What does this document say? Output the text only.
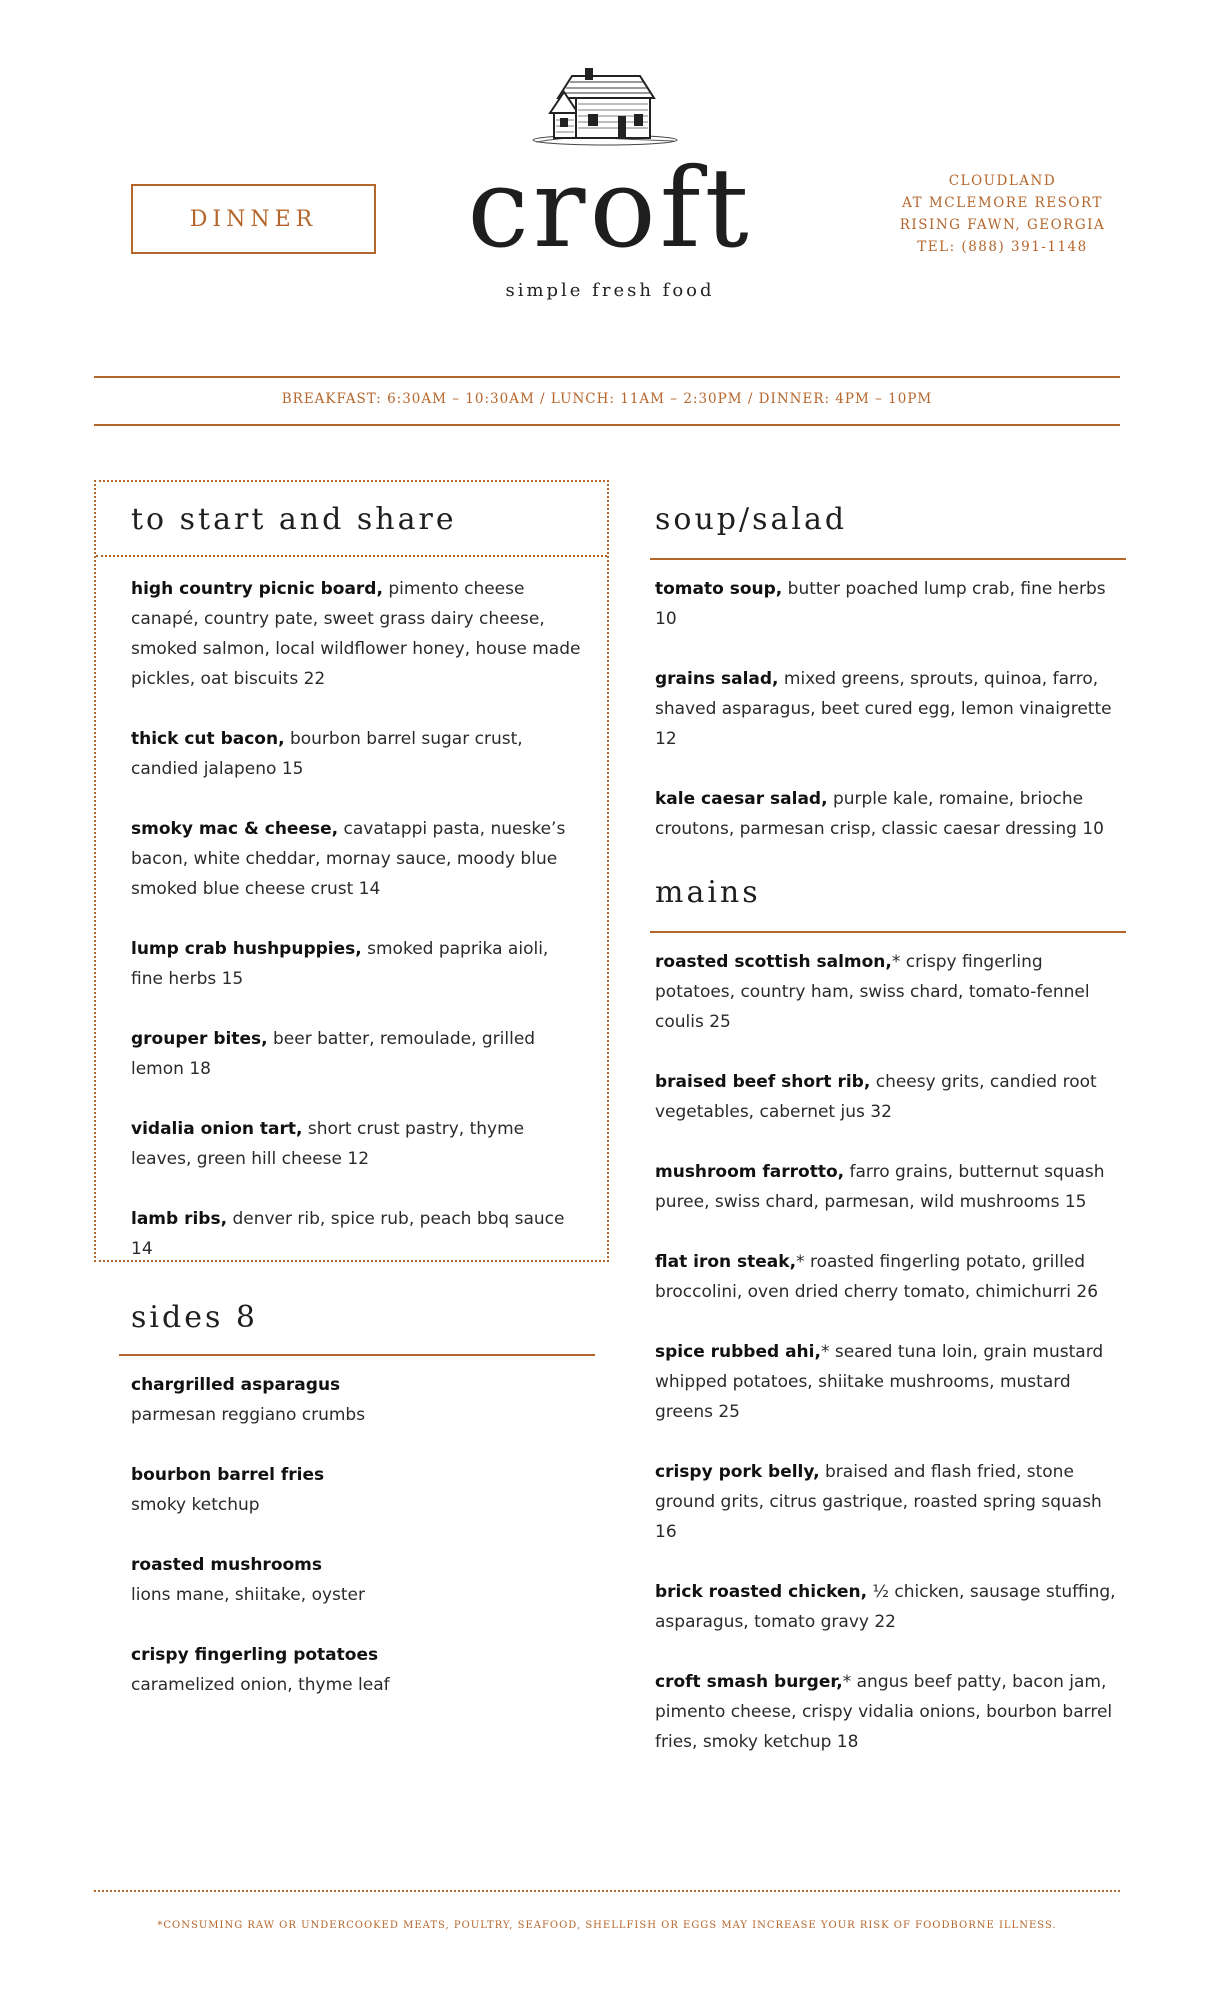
DINNER	croft
simple fresh food
CLOUDLAND
AT MCLEMORE RESORT
RISING FAWN, GEORGIA
TEL: (888) 391-1148
BREAKFAST: 6:30AM – 10:30AM / LUNCH: 11AM – 2:30PM / DINNER: 4PM – 10PM
to start and share
high country picnic board, pimento cheese canapé, country pate, sweet grass dairy cheese, smoked salmon, local wildflower honey, house made pickles, oat biscuits 22
thick cut bacon, bourbon barrel sugar crust, candied jalapeno 15
smoky mac & cheese, cavatappi pasta, nueske’s bacon, white cheddar, mornay sauce, moody blue smoked blue cheese crust 14
lump crab hushpuppies, smoked paprika aioli, fine herbs 15
grouper bites, beer batter, remoulade, grilled lemon 18
vidalia onion tart, short crust pastry, thyme leaves, green hill cheese 12
lamb ribs, denver rib, spice rub, peach bbq sauce 14
sides 8
chargrilled asparagus
parmesan reggiano crumbs
bourbon barrel fries
smoky ketchup
roasted mushrooms
lions mane, shiitake, oyster
crispy fingerling potatoes
caramelized onion, thyme leaf
soup/salad
tomato soup, butter poached lump crab, fine herbs 10
grains salad, mixed greens, sprouts, quinoa, farro, shaved asparagus, beet cured egg, lemon vinaigrette 12
kale caesar salad, purple kale, romaine, brioche croutons, parmesan crisp, classic caesar dressing 10
mains
roasted scottish salmon,* crispy fingerling potatoes, country ham, swiss chard, tomato-fennel coulis 25
braised beef short rib, cheesy grits, candied root vegetables, cabernet jus 32
mushroom farrotto, farro grains, butternut squash puree, swiss chard, parmesan, wild mushrooms 15
flat iron steak,* roasted fingerling potato, grilled broccolini, oven dried cherry tomato, chimichurri 26
spice rubbed ahi,* seared tuna loin, grain mustard whipped potatoes, shiitake mushrooms, mustard greens 25
crispy pork belly, braised and flash fried, stone ground grits, citrus gastrique, roasted spring squash 16
brick roasted chicken, ½ chicken, sausage stuffing, asparagus, tomato gravy 22
croft smash burger,* angus beef patty, bacon jam, pimento cheese, crispy vidalia onions, bourbon barrel fries, smoky ketchup 18
*CONSUMING RAW OR UNDERCOOKED MEATS, POULTRY, SEAFOOD, SHELLFISH OR EGGS MAY INCREASE YOUR RISK OF FOODBORNE ILLNESS.
